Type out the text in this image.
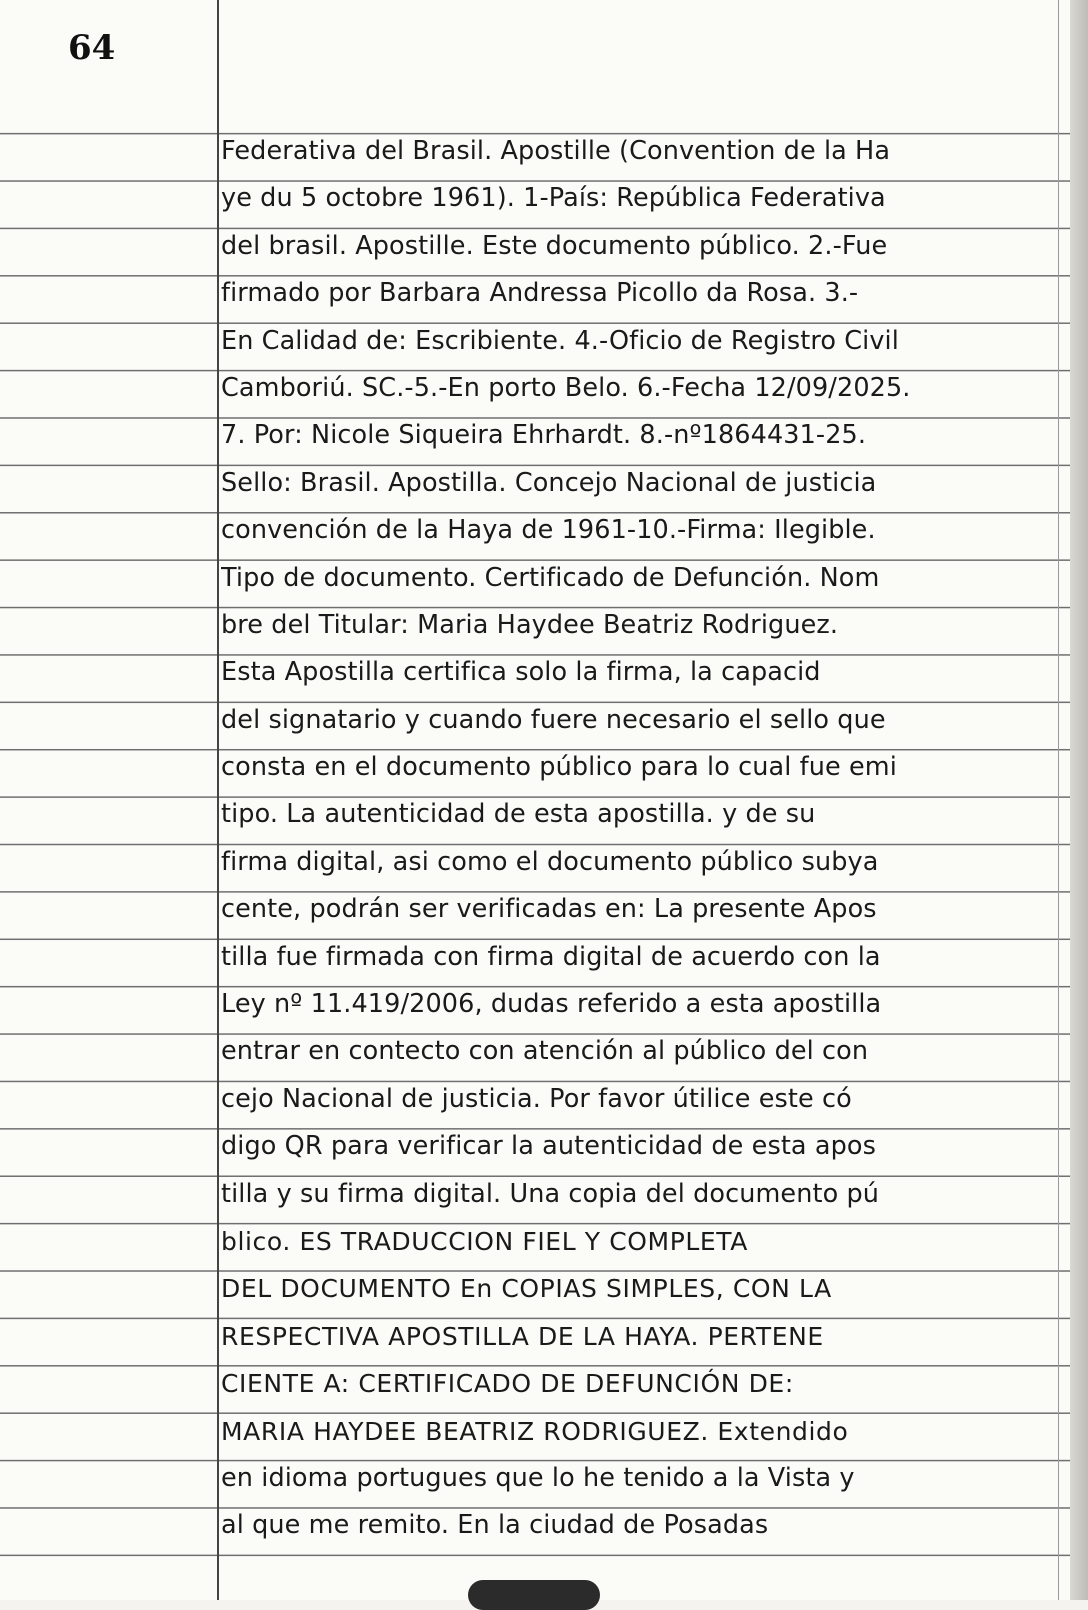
64
Federativa del Brasil. Apostille (Convention de la Ha
ye du 5 octobre 1961). 1-País: República Federativa
del brasil. Apostille. Este documento público. 2.-Fue
firmado por Barbara Andressa Picollo da Rosa. 3.-
En Calidad de: Escribiente. 4.-Oficio de Registro Civil
Camboriú. SC.-5.-En porto Belo. 6.-Fecha 12/09/2025.
7. Por: Nicole Siqueira Ehrhardt. 8.-nº1864431-25.
Sello: Brasil. Apostilla. Concejo Nacional de justicia
convención de la Haya de 1961-10.-Firma: Ilegible.
Tipo de documento. Certificado de Defunción. Nom
bre del Titular: Maria Haydee Beatriz Rodriguez.
Esta Apostilla certifica solo la firma, la capacid
del signatario y cuando fuere necesario el sello que
consta en el documento público para lo cual fue emi
tipo. La autenticidad de esta apostilla. y de su
firma digital, asi como el documento público subya
cente, podrán ser verificadas en: La presente Apos
tilla fue firmada con firma digital de acuerdo con la
Ley nº 11.419/2006, dudas referido a esta apostilla
entrar en contecto con atención al público del con
cejo Nacional de justicia. Por favor útilice este có
digo QR para verificar la autenticidad de esta apos
tilla y su firma digital. Una copia del documento pú
blico. ES TRADUCCION FIEL Y COMPLETA
DEL DOCUMENTO En COPIAS SIMPLES, CON LA
RESPECTIVA APOSTILLA DE LA HAYA. PERTENE
CIENTE A: CERTIFICADO DE DEFUNCIÓN DE:
MARIA HAYDEE BEATRIZ RODRIGUEZ. Extendido
en idioma portugues que lo he tenido a la Vista y
al que me remito. En la ciudad de Posadas
